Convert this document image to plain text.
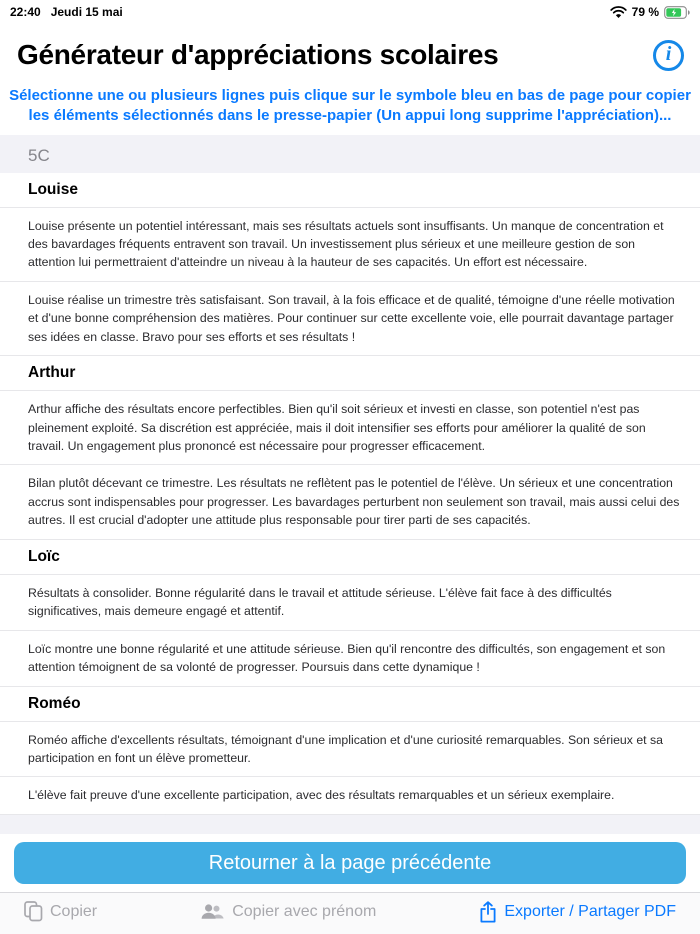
22:40 Jeudi 15 mai	79 %
Générateur d'appréciations scolaires	i
Sélectionne une ou plusieurs lignes puis clique sur le symbole bleu en bas de page pour copier les éléments sélectionnés dans le presse-papier (Un appui long supprime l'appréciation)...
5C
Louise
Louise présente un potentiel intéressant, mais ses résultats actuels sont insuffisants. Un manque de concentration et des bavardages fréquents entravent son travail. Un investissement plus sérieux et une meilleure gestion de son attention lui permettraient d'atteindre un niveau à la hauteur de ses capacités. Un effort est nécessaire.
Louise réalise un trimestre très satisfaisant. Son travail, à la fois efficace et de qualité, témoigne d'une réelle motivation et d'une bonne compréhension des matières. Pour continuer sur cette excellente voie, elle pourrait davantage partager ses idées en classe. Bravo pour ses efforts et ses résultats !
Arthur
Arthur affiche des résultats encore perfectibles. Bien qu'il soit sérieux et investi en classe, son potentiel n'est pas pleinement exploité. Sa discrétion est appréciée, mais il doit intensifier ses efforts pour améliorer la qualité de son travail. Un engagement plus prononcé est nécessaire pour progresser efficacement.
Bilan plutôt décevant ce trimestre. Les résultats ne reflètent pas le potentiel de l'élève. Un sérieux et une concentration accrus sont indispensables pour progresser. Les bavardages perturbent non seulement son travail, mais aussi celui des autres. Il est crucial d'adopter une attitude plus responsable pour tirer parti de ses capacités.
Loïc
Résultats à consolider. Bonne régularité dans le travail et attitude sérieuse. L'élève fait face à des difficultés significatives, mais demeure engagé et attentif.
Loïc montre une bonne régularité et une attitude sérieuse. Bien qu'il rencontre des difficultés, son engagement et son attention témoignent de sa volonté de progresser. Poursuis dans cette dynamique !
Roméo
Roméo affiche d'excellents résultats, témoignant d'une implication et d'une curiosité remarquables. Son sérieux et sa participation en font un élève prometteur.
L'élève fait preuve d'une excellente participation, avec des résultats remarquables et un sérieux exemplaire.
Retourner à la page précédente
Copier	Copier avec prénom	Exporter / Partager PDF
